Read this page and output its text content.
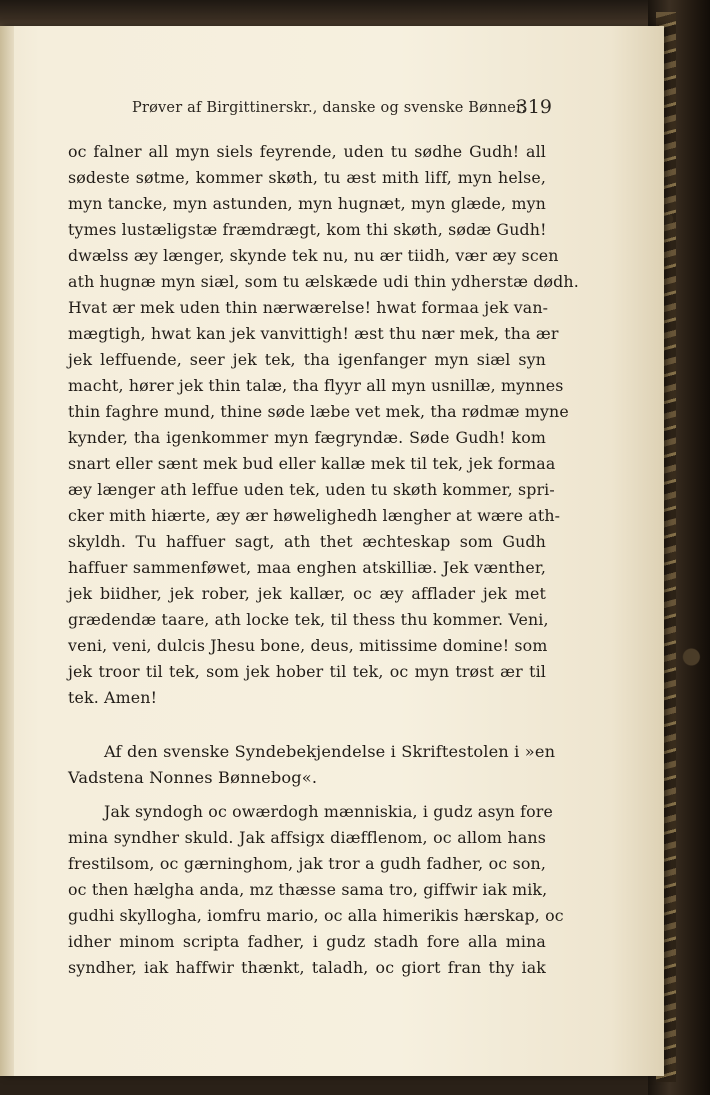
Prøver af Birgittinerskr., danske og svenske Bønner.
319
oc falner all myn siels feyrende, uden tu sødhe Gudh! all
sødeste søtme, kommer skøth, tu æst mith liff, myn helse,
myn tancke, myn astunden, myn hugnæt, myn glæde, myn
tymes lustæligstæ fræmdrægt, kom thi skøth, sødæ Gudh!
dwælss æy længer, skynde tek nu, nu ær tiidh, vær æy scen
ath hugnæ myn siæl, som tu ælskæde udi thin ydherstæ dødh.
Hvat ær mek uden thin nærwærelse! hwat formaa jek van-
mægtigh, hwat kan jek vanvittigh! æst thu nær mek, tha ær
jek leffuende, seer jek tek, tha igenfanger myn siæl syn
macht, hører jek thin talæ, tha flyyr all myn usnillæ, mynnes
thin faghre mund, thine søde læbe vet mek, tha rødmæ myne
kynder, tha igenkommer myn fægryndæ. Søde Gudh! kom
snart eller sænt mek bud eller kallæ mek til tek, jek formaa
æy længer ath leffue uden tek, uden tu skøth kommer, spri-
cker mith hiærte, æy ær høwelighedh længher at wære ath-
skyldh. Tu haffuer sagt, ath thet æchteskap som Gudh
haffuer sammenføwet, maa enghen atskilliæ. Jek vænther,
jek biidher, jek rober, jek kallær, oc æy afflader jek met
grædendæ taare, ath locke tek, til thess thu kommer. Veni,
veni, veni, dulcis Jhesu bone, deus, mitissime domine! som
jek troor til tek, som jek hober til tek, oc myn trøst ær til
tek. Amen!
Af den svenske Syndebekjendelse i Skriftestolen i »en
Vadstena Nonnes Bønnebog«.
Jak syndogh oc owærdogh mænniskia, i gudz asyn fore
mina syndher skuld. Jak affsigx diæfflenom, oc allom hans
frestilsom, oc gærninghom, jak tror a gudh fadher, oc son,
oc then hælgha anda, mz thæsse sama tro, giffwir iak mik,
gudhi skyllogha, iomfru mario, oc alla himerikis hærskap, oc
idher minom scripta fadher, i gudz stadh fore alla mina
syndher, iak haffwir thænkt, taladh, oc giort fran thy iak
